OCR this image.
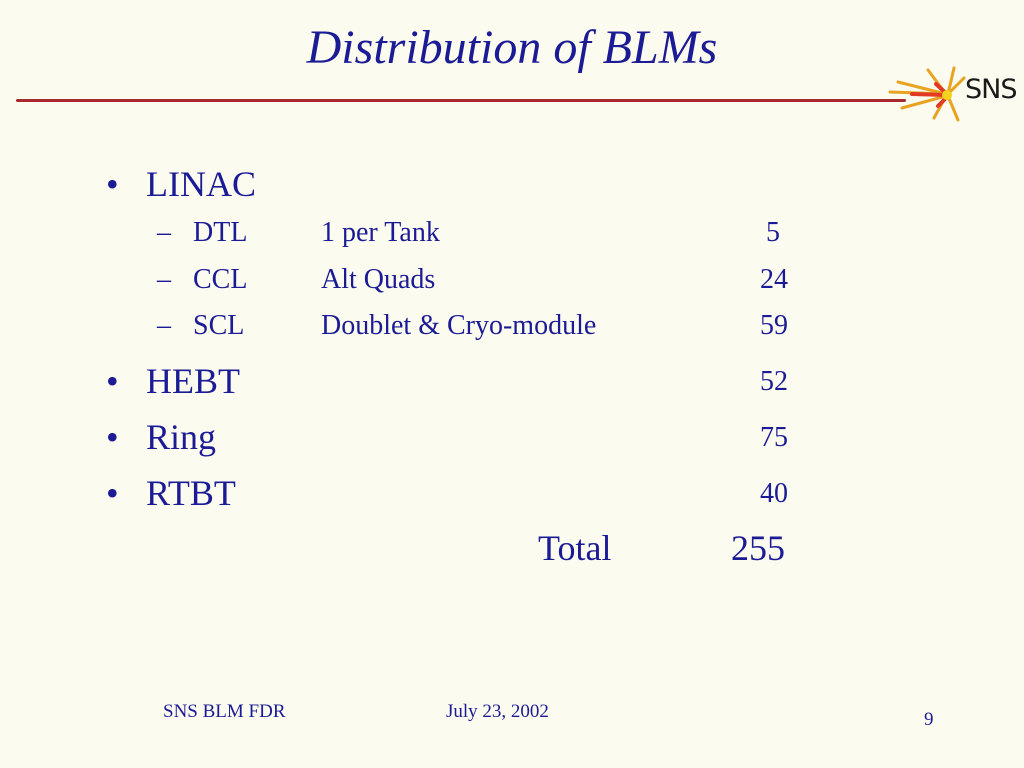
Distribution of BLMs
SNS
• LINAC
– DTL	1 per Tank	5
– CCL	Alt Quads	24
– SCL	Doublet & Cryo-module	59
• HEBT	52
• Ring	75
• RTBT	40
Total	255
SNS BLM FDR	July 23, 2002	9
